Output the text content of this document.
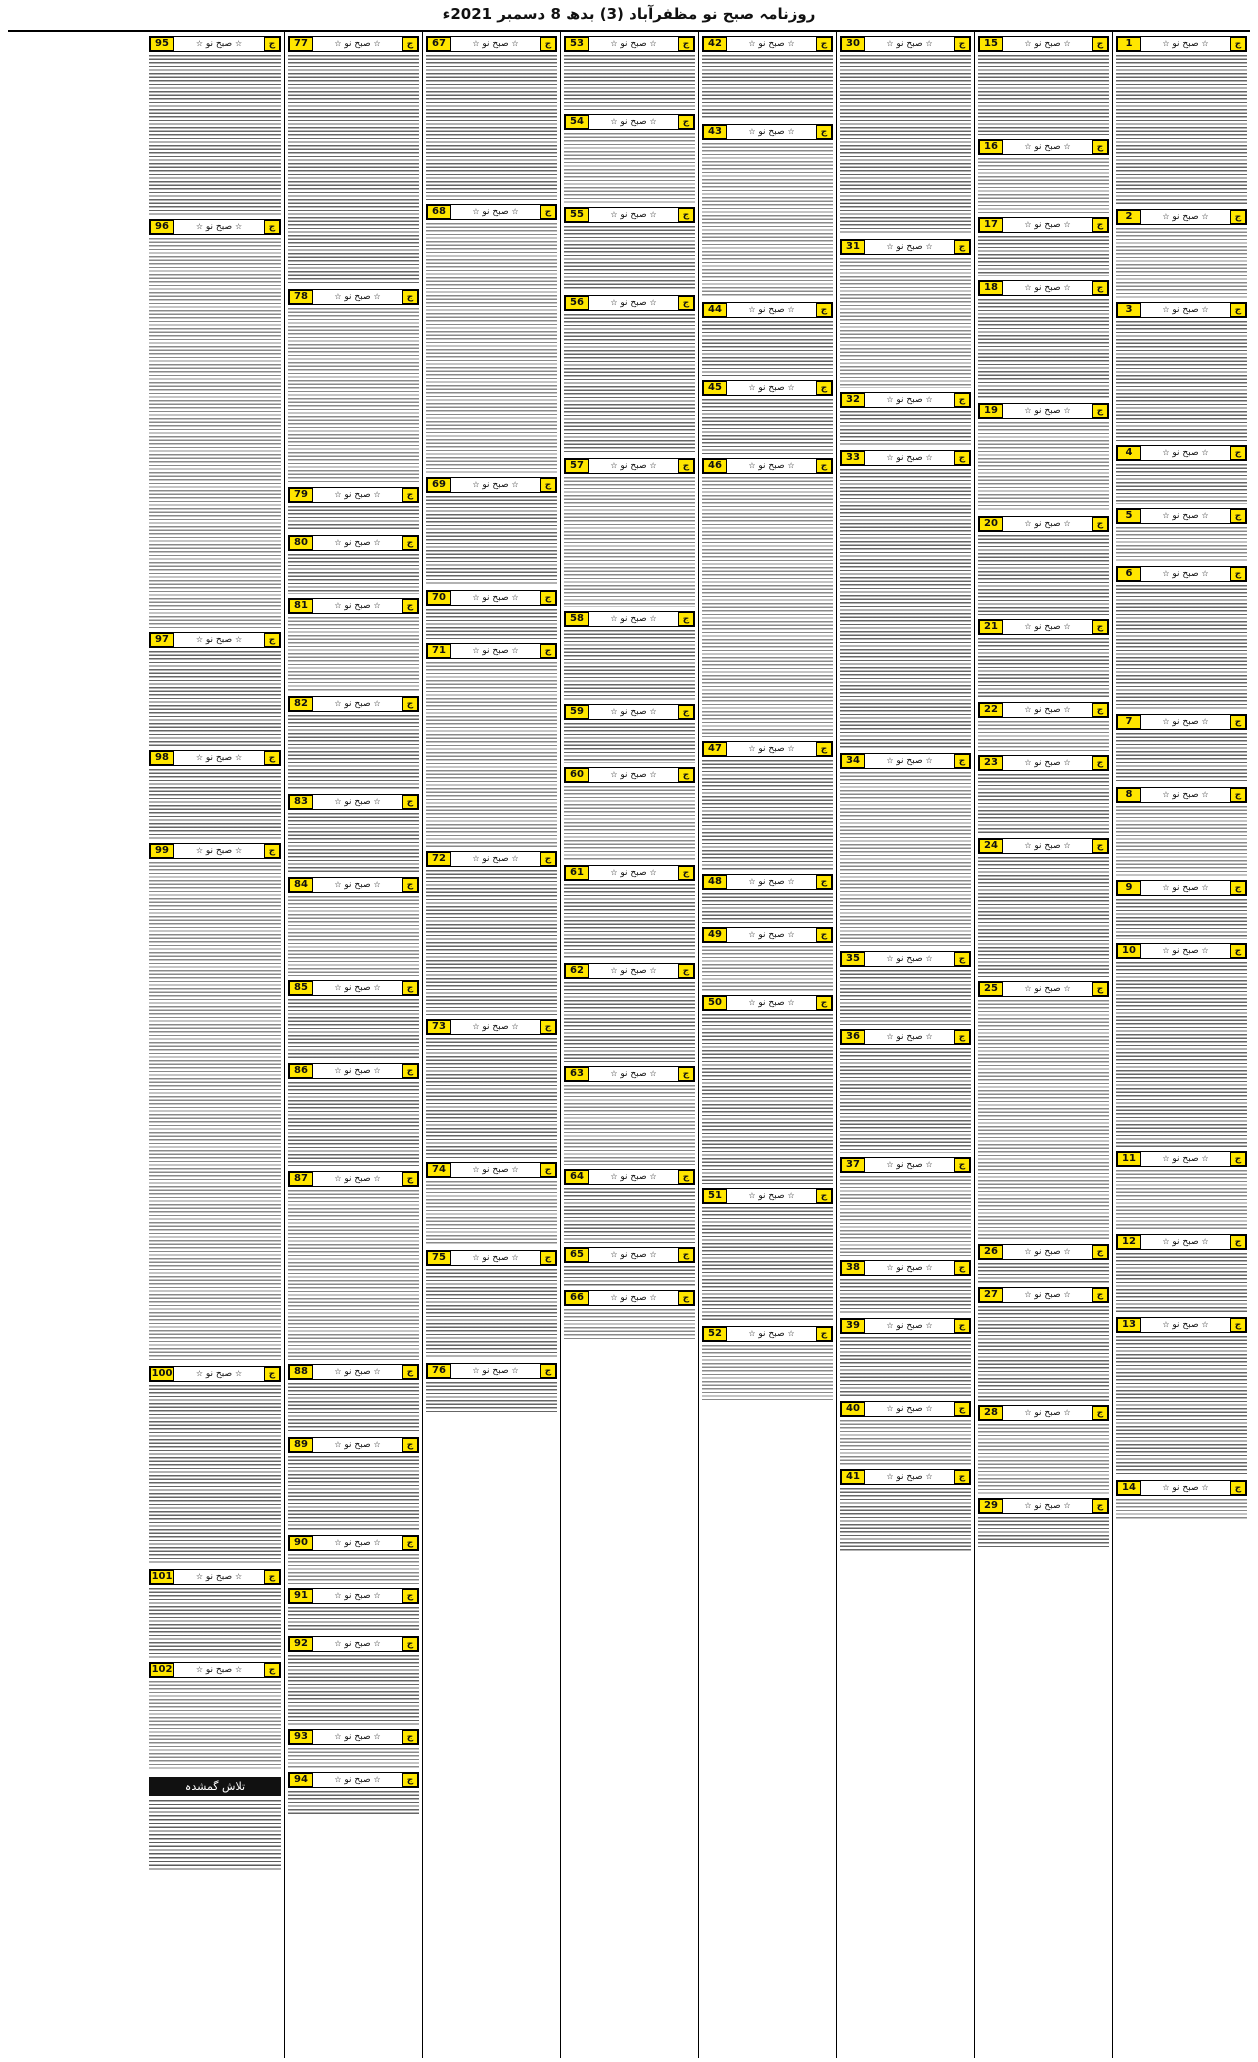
روزنامہ صبح نو مظفرآباد (3) بدھ 8 دسمبر 2021ء
1	☆ صبح نو ☆	ج
2	☆ صبح نو ☆	ج
3	☆ صبح نو ☆	ج
4	☆ صبح نو ☆	ج
5	☆ صبح نو ☆	ج
6	☆ صبح نو ☆	ج
7	☆ صبح نو ☆	ج
8	☆ صبح نو ☆	ج
9	☆ صبح نو ☆	ج
10	☆ صبح نو ☆	ج
11	☆ صبح نو ☆	ج
12	☆ صبح نو ☆	ج
13	☆ صبح نو ☆	ج
14	☆ صبح نو ☆	ج
15	☆ صبح نو ☆	ج
16	☆ صبح نو ☆	ج
17	☆ صبح نو ☆	ج
18	☆ صبح نو ☆	ج
19	☆ صبح نو ☆	ج
20	☆ صبح نو ☆	ج
21	☆ صبح نو ☆	ج
22	☆ صبح نو ☆	ج
23	☆ صبح نو ☆	ج
24	☆ صبح نو ☆	ج
25	☆ صبح نو ☆	ج
26	☆ صبح نو ☆	ج
27	☆ صبح نو ☆	ج
28	☆ صبح نو ☆	ج
29	☆ صبح نو ☆	ج
30	☆ صبح نو ☆	ج
31	☆ صبح نو ☆	ج
32	☆ صبح نو ☆	ج
33	☆ صبح نو ☆	ج
34	☆ صبح نو ☆	ج
35	☆ صبح نو ☆	ج
36	☆ صبح نو ☆	ج
37	☆ صبح نو ☆	ج
38	☆ صبح نو ☆	ج
39	☆ صبح نو ☆	ج
40	☆ صبح نو ☆	ج
41	☆ صبح نو ☆	ج
42	☆ صبح نو ☆	ج
43	☆ صبح نو ☆	ج
44	☆ صبح نو ☆	ج
45	☆ صبح نو ☆	ج
46	☆ صبح نو ☆	ج
47	☆ صبح نو ☆	ج
48	☆ صبح نو ☆	ج
49	☆ صبح نو ☆	ج
50	☆ صبح نو ☆	ج
51	☆ صبح نو ☆	ج
52	☆ صبح نو ☆	ج
53	☆ صبح نو ☆	ج
54	☆ صبح نو ☆	ج
55	☆ صبح نو ☆	ج
56	☆ صبح نو ☆	ج
57	☆ صبح نو ☆	ج
58	☆ صبح نو ☆	ج
59	☆ صبح نو ☆	ج
60	☆ صبح نو ☆	ج
61	☆ صبح نو ☆	ج
62	☆ صبح نو ☆	ج
63	☆ صبح نو ☆	ج
64	☆ صبح نو ☆	ج
65	☆ صبح نو ☆	ج
66	☆ صبح نو ☆	ج
67	☆ صبح نو ☆	ج
68	☆ صبح نو ☆	ج
69	☆ صبح نو ☆	ج
70	☆ صبح نو ☆	ج
71	☆ صبح نو ☆	ج
72	☆ صبح نو ☆	ج
73	☆ صبح نو ☆	ج
74	☆ صبح نو ☆	ج
75	☆ صبح نو ☆	ج
76	☆ صبح نو ☆	ج
77	☆ صبح نو ☆	ج
78	☆ صبح نو ☆	ج
79	☆ صبح نو ☆	ج
80	☆ صبح نو ☆	ج
81	☆ صبح نو ☆	ج
82	☆ صبح نو ☆	ج
83	☆ صبح نو ☆	ج
84	☆ صبح نو ☆	ج
85	☆ صبح نو ☆	ج
86	☆ صبح نو ☆	ج
87	☆ صبح نو ☆	ج
88	☆ صبح نو ☆	ج
89	☆ صبح نو ☆	ج
90	☆ صبح نو ☆	ج
91	☆ صبح نو ☆	ج
92	☆ صبح نو ☆	ج
93	☆ صبح نو ☆	ج
94	☆ صبح نو ☆	ج
95	☆ صبح نو ☆	ج
96	☆ صبح نو ☆	ج
97	☆ صبح نو ☆	ج
98	☆ صبح نو ☆	ج
99	☆ صبح نو ☆	ج
100	☆ صبح نو ☆	ج
101	☆ صبح نو ☆	ج
102	☆ صبح نو ☆	ج
تلاش گمشدہ
